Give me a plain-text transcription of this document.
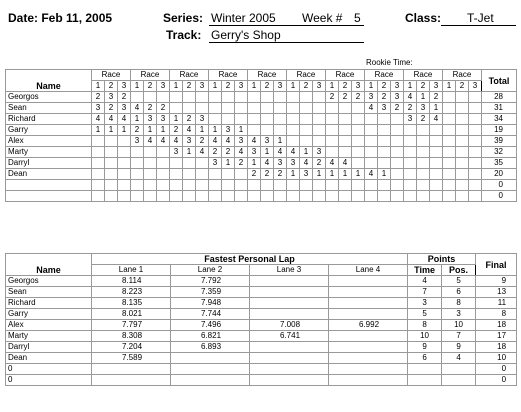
Date: Feb 11, 2005	Series: Winter 2005 Week # 5	Class: T-Jet
Track: Gerry's Shop
Rookie Time:
Name	Race			Race			Race			Race			Race			Race			Race			Race			Race			Race			Total
	1	2	3	1	2	3	1	2	3	1	2	3	1	2	3	1	2	3	1	2	3	1	2	3	1	2	3	1	2	3	
Georgos	2	3	2																2	2	2	3	2	3	4	1	2				28
Sean	3	2	3	4	2	2																4	3	2	2	3	1				31
Richard	4	4	4	1	3	3	1	2	3																3	2	4				34
Garry	1	1	1	2	1	1	2	4	1	1	3	1																			19
Alex				3	4	4	4	3	2	4	4	3	4	3	1																39
Marty							3	1	4	2	2	4	3	1	4	4	1	3													32
Darryl										3	1	2	1	4	3	3	4	2	4	4											35
Dean													2	2	2	1	3	1	1	1	1	4	1								20
																															0
																															0
Name	Fastest Personal Lap				Points		Final
	Lane 1	Lane 2	Lane 3	Lane 4	Time	Pos.	
Georgos	8.114	7.792			4	5	9
Sean	8.223	7.359			7	6	13
Richard	8.135	7.948			3	8	11
Garry	8.021	7.744			5	3	8
Alex	7.797	7.496	7.008	6.992	8	10	18
Marty	8.308	6.821	6.741		10	7	17
Darryl	7.204	6.893			9	9	18
Dean	7.589				6	4	10
0							0
0							0
